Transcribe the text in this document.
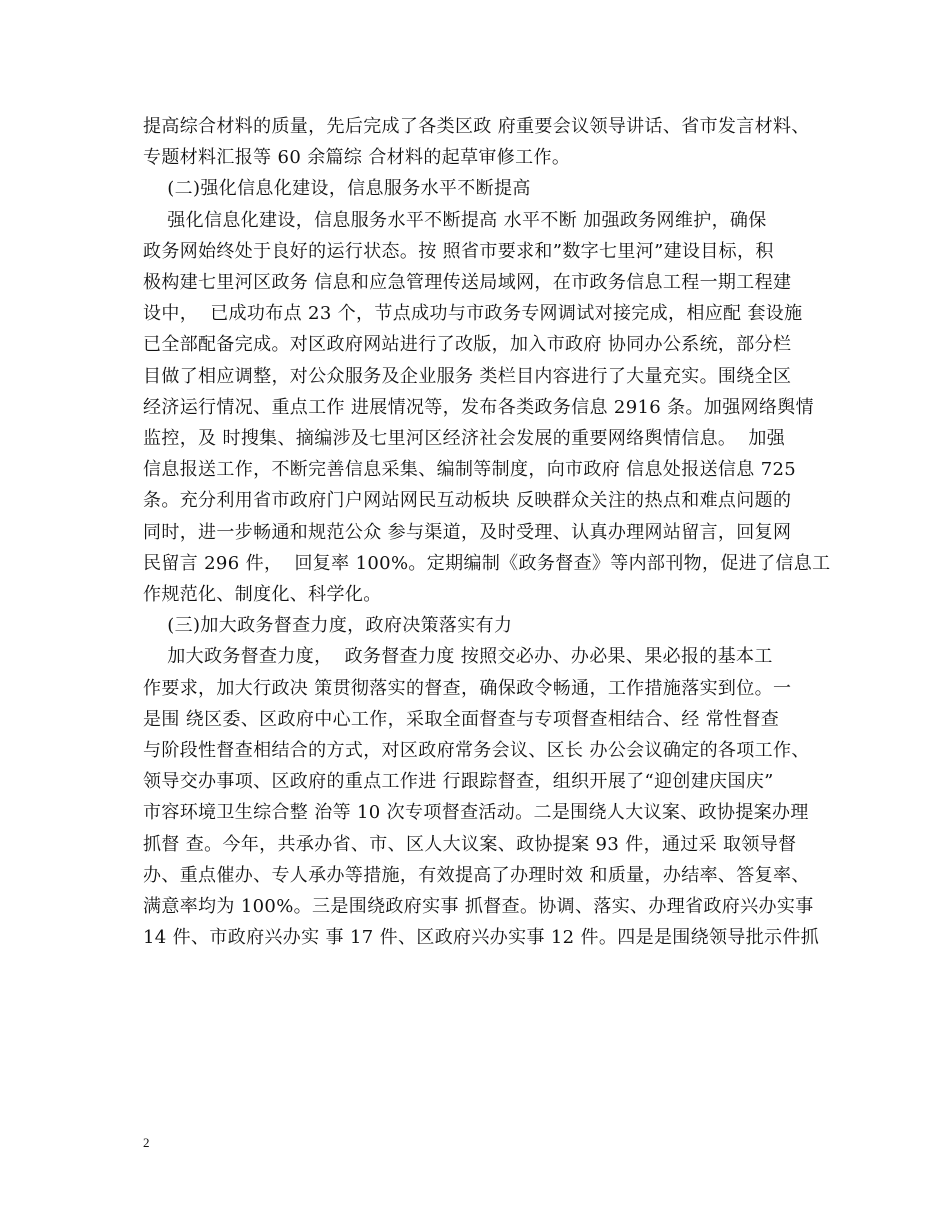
提高综合材料的质量，先后完成了各类区政 府重要会议领导讲话、省市发言材料、
专题材料汇报等 60 余篇综 合材料的起草审修工作。
(二)强化信息化建设，信息服务水平不断提高
强化信息化建设，信息服务水平不断提高 水平不断 加强政务网维护，确保
政务网始终处于良好的运行状态。按 照省市要求和”数字七里河”建设目标，积
极构建七里河区政务 信息和应急管理传送局域网，在市政务信息工程一期工程建
设中，  已成功布点 23 个，节点成功与市政务专网调试对接完成，相应配 套设施
已全部配备完成。对区政府网站进行了改版，加入市政府 协同办公系统，部分栏
目做了相应调整，对公众服务及企业服务 类栏目内容进行了大量充实。围绕全区
经济运行情况、重点工作 进展情况等，发布各类政务信息 2916 条。加强网络舆情
监控，及 时搜集、摘编涉及七里河区经济社会发展的重要网络舆情信息。  加强
信息报送工作，不断完善信息采集、编制等制度，向市政府 信息处报送信息 725
条。充分利用省市政府门户网站网民互动板块 反映群众关注的热点和难点问题的
同时，进一步畅通和规范公众 参与渠道，及时受理、认真办理网站留言，回复网
民留言 296 件，  回复率 100%。定期编制《政务督查》等内部刊物，促进了信息工
作规范化、制度化、科学化。
(三)加大政务督查力度，政府决策落实有力
加大政务督查力度，  政务督查力度 按照交必办、办必果、果必报的基本工
作要求，加大行政决 策贯彻落实的督查，确保政令畅通，工作措施落实到位。一
是围 绕区委、区政府中心工作，采取全面督查与专项督查相结合、经 常性督查
与阶段性督查相结合的方式，对区政府常务会议、区长 办公会议确定的各项工作、
领导交办事项、区政府的重点工作进 行跟踪督查，组织开展了“迎创建庆国庆”
市容环境卫生综合整 治等 10 次专项督查活动。二是围绕人大议案、政协提案办理
抓督 查。今年，共承办省、市、区人大议案、政协提案 93 件，通过采 取领导督
办、重点催办、专人承办等措施，有效提高了办理时效 和质量，办结率、答复率、
满意率均为 100%。三是围绕政府实事 抓督查。协调、落实、办理省政府兴办实事
14 件、市政府兴办实 事 17 件、区政府兴办实事 12 件。四是是围绕领导批示件抓
2
